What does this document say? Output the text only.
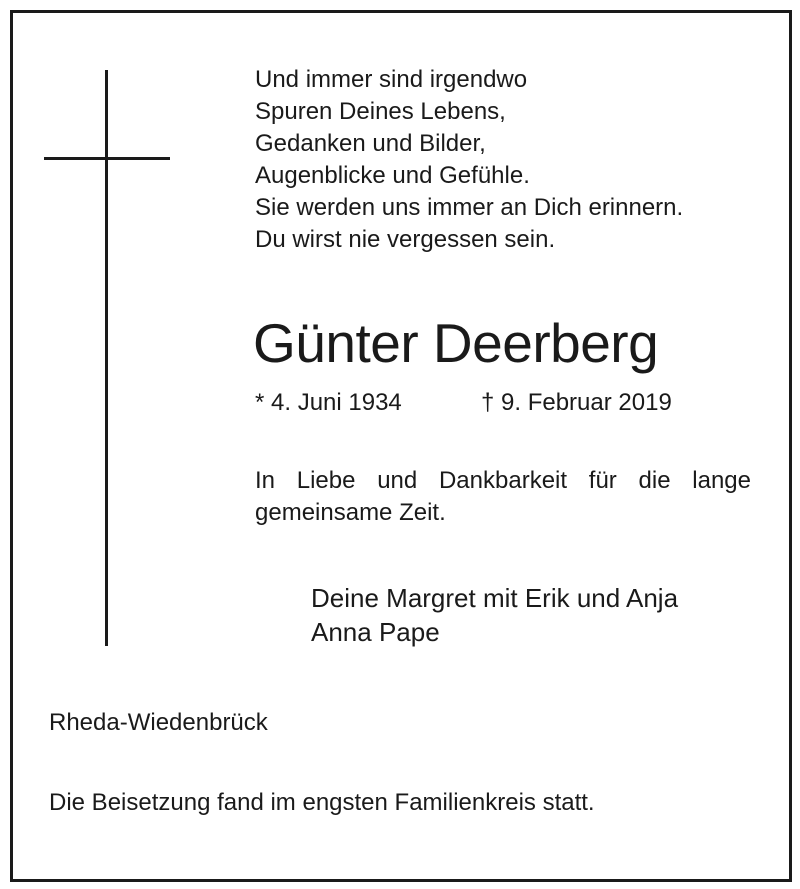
Und immer sind irgendwo
Spuren Deines Lebens,
Gedanken und Bilder,
Augenblicke und Gefühle.
Sie werden uns immer an Dich erinnern.
Du wirst nie vergessen sein.
Günter Deerberg
* 4. Juni 1934	† 9. Februar 2019
In Liebe und Dankbarkeit für die lange
gemeinsame Zeit.
Deine Margret mit Erik und Anja
Anna Pape
Rheda-Wiedenbrück
Die Beisetzung fand im engsten Familienkreis statt.
